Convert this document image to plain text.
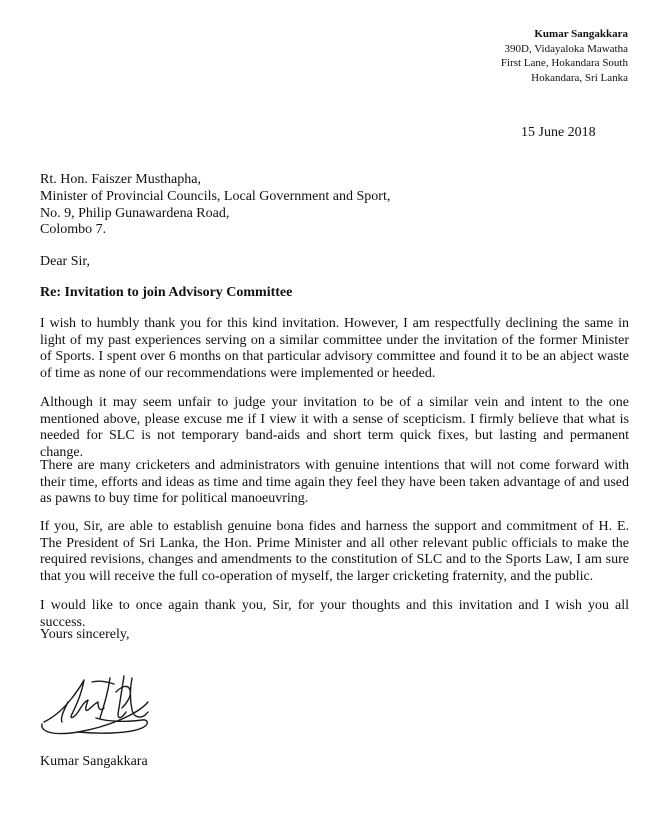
Kumar Sangakkara
390D, Vidayaloka Mawatha
First Lane, Hokandara South
Hokandara, Sri Lanka
15 June 2018
Rt. Hon. Faiszer Musthapha,
Minister of Provincial Councils, Local Government and Sport,
No. 9, Philip Gunawardena Road,
Colombo 7.
Dear Sir,
Re: Invitation to join Advisory Committee

I wish to humbly thank you for this kind invitation. However, I am respectfully declining the same in light of my past experiences serving on a similar committee under the invitation of the former Minister of Sports. I spent over 6 months on that particular advisory committee and found it to be an abject waste of time as none of our recommendations were implemented or heeded.

Although it may seem unfair to judge your invitation to be of a similar vein and intent to the one mentioned above, please excuse me if I view it with a sense of scepticism. I firmly believe that what is needed for SLC is not temporary band-aids and short term quick fixes, but lasting and permanent change.

There are many cricketers and administrators with genuine intentions that will not come forward with their time, efforts and ideas as time and time again they feel they have been taken advantage of and used as pawns to buy time for political manoeuvring.

If you, Sir, are able to establish genuine bona fides and harness the support and commitment of H. E. The President of Sri Lanka, the Hon. Prime Minister and all other relevant public officials to make the required revisions, changes and amendments to the constitution of SLC and to the Sports Law, I am sure that you will receive the full co-operation of myself, the larger cricketing fraternity, and the public.

I would like to once again thank you, Sir, for your thoughts and this invitation and I wish you all success.

Yours sincerely,
Kumar Sangakkara
